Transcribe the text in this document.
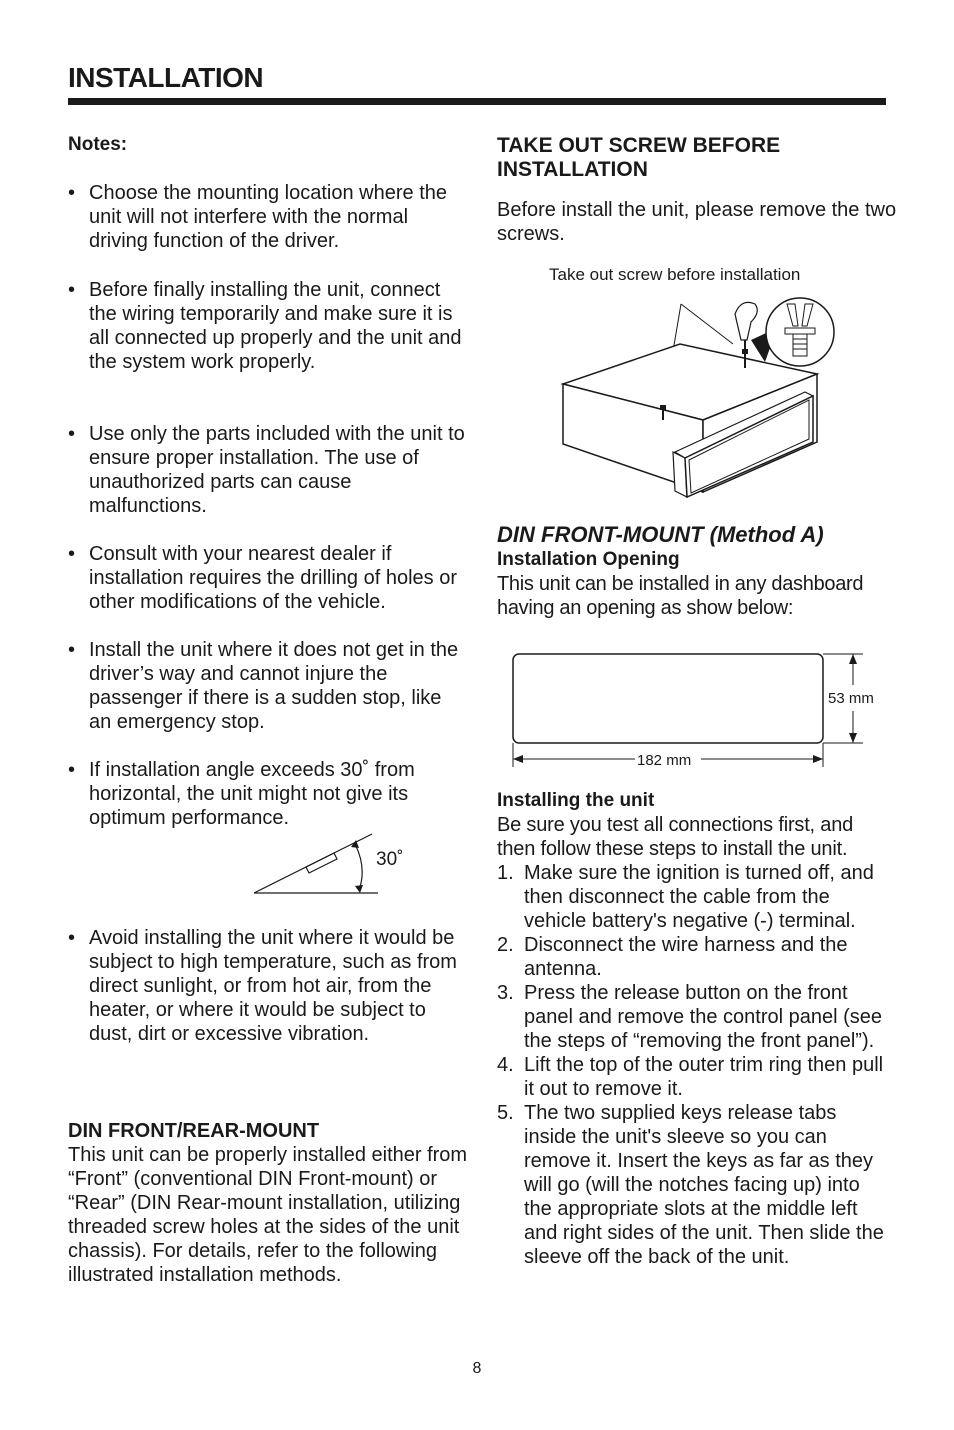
INSTALLATION
Notes:
• Choose the mounting location where the unit will not interfere with the normal driving function of the driver.
• Before finally installing the unit, connect the wiring temporarily and make sure it is all connected up properly and the unit and the system work properly.
• Use only the parts included with the unit to ensure proper installation. The use of unauthorized parts can cause malfunctions.
• Consult with your nearest dealer if installation requires the drilling of holes or other modifications of the vehicle.
• Install the unit where it does not get in the driver’s way and cannot injure the passenger if there is a sudden stop, like an emergency stop.
• If installation angle exceeds 30˚ from horizontal, the unit might not give its optimum performance.
30˚
• Avoid installing the unit where it would be subject to high temperature, such as from direct sunlight, or from hot air, from the heater, or where it would be subject to dust, dirt or excessive vibration.
DIN FRONT/REAR-MOUNT
This unit can be properly installed either from “Front” (conventional DIN Front-mount) or “Rear” (DIN Rear-mount installation, utilizing threaded screw holes at the sides of the unit chassis). For details, refer to the following illustrated installation methods.
TAKE OUT SCREW BEFORE INSTALLATION
Before install the unit, please remove the two screws.
Take out screw before installation
DIN FRONT-MOUNT (Method A)
Installation Opening
This unit can be installed in any dashboard having an opening as show below:
53 mm
182 mm
Installing the unit
Be sure you test all connections first, and then follow these steps to install the unit.
1. Make sure the ignition is turned off, and then disconnect the cable from the vehicle battery's negative (-) terminal.
2. Disconnect the wire harness and the antenna.
3. Press the release button on the front panel and remove the control panel (see the steps of “removing the front panel”).
4. Lift the top of the outer trim ring then pull it out to remove it.
5. The two supplied keys release tabs inside the unit's sleeve so you can remove it. Insert the keys as far as they will go (will the notches facing up) into the appropriate slots at the middle left and right sides of the unit. Then slide the sleeve off the back of the unit.
8
